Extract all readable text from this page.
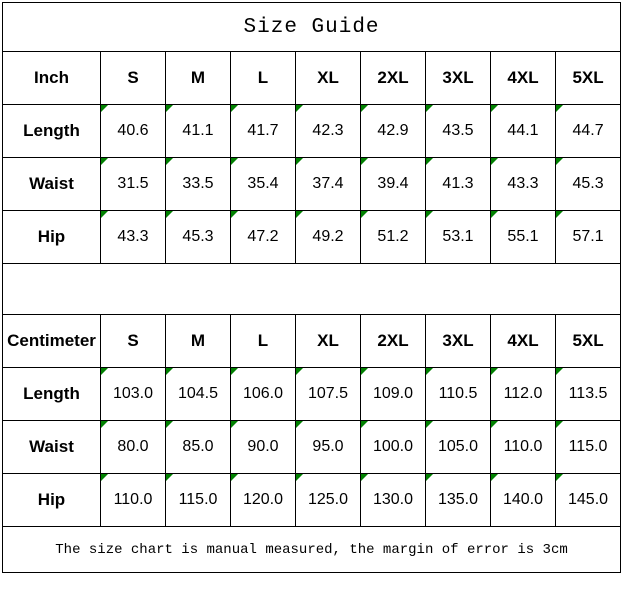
Size Guide								
Inch	S	M	L	XL	2XL	3XL	4XL	5XL
Length	40.6	41.1	41.7	42.3	42.9	43.5	44.1	44.7
Waist	31.5	33.5	35.4	37.4	39.4	41.3	43.3	45.3
Hip	43.3	45.3	47.2	49.2	51.2	53.1	55.1	57.1

Centimeter	S	M	L	XL	2XL	3XL	4XL	5XL
Length	103.0	104.5	106.0	107.5	109.0	110.5	112.0	113.5
Waist	80.0	85.0	90.0	95.0	100.0	105.0	110.0	115.0
Hip	110.0	115.0	120.0	125.0	130.0	135.0	140.0	145.0
The size chart is manual measured, the margin of error is 3cm								
